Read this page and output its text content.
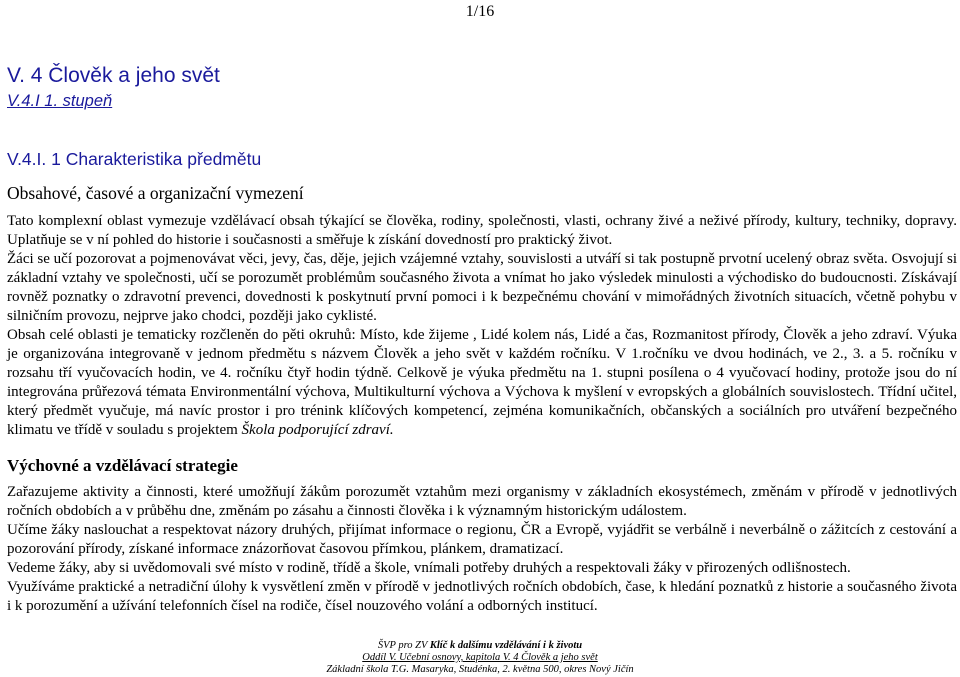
1/16
V. 4 Člověk a jeho svět
V.4.I 1. stupeň
V.4.I. 1 Charakteristika předmětu
Obsahové, časové a organizační vymezení

Tato komplexní oblast vymezuje vzdělávací obsah týkající se člověka, rodiny, společnosti, vlasti, ochrany živé a neživé přírody, kultury, techniky, dopravy. Uplatňuje se v ní pohled do historie i současnosti a směřuje k získání dovedností pro praktický život.

Žáci se učí pozorovat a pojmenovávat věci, jevy, čas, děje, jejich vzájemné vztahy, souvislosti a utváří si tak postupně prvotní ucelený obraz světa. Osvojují si základní vztahy ve společnosti, učí se porozumět problémům současného života a vnímat ho jako výsledek minulosti a východisko do budoucnosti. Získávají rovněž poznatky o zdravotní prevenci, dovednosti k poskytnutí první pomoci i k bezpečnému chování v mimořádných životních situacích, včetně pohybu v silničním provozu, nejprve jako chodci, později jako cyklisté.

Obsah celé oblasti je tematicky rozčleněn do pěti okruhů: Místo, kde žijeme , Lidé kolem nás, Lidé a čas, Rozmanitost přírody, Člověk a jeho zdraví. Výuka je organizována integrovaně v jednom předmětu s názvem Člověk a jeho svět v každém ročníku. V 1.ročníku ve dvou hodinách, ve 2., 3. a 5. ročníku v rozsahu tří vyučovacích hodin, ve 4. ročníku čtyř hodin týdně. Celkově je výuka předmětu na 1. stupni posílena o 4 vyučovací hodiny, protože jsou do ní integrována průřezová témata Environmentální výchova, Multikulturní výchova a Výchova k myšlení v evropských a globálních souvislostech. Třídní učitel, který předmět vyučuje, má navíc prostor i pro trénink klíčových kompetencí, zejména komunikačních, občanských a sociálních pro utváření bezpečného klimatu ve třídě v souladu s projektem Škola podporující zdraví.

Výchovné a vzdělávací strategie

Zařazujeme aktivity a činnosti, které umožňují žákům porozumět vztahům mezi organismy v základních ekosystémech, změnám v přírodě v jednotlivých ročních obdobích a v průběhu dne, změnám po zásahu a činnosti člověka i k významným historickým událostem.

Učíme žáky naslouchat a respektovat názory druhých, přijímat informace o regionu, ČR a Evropě, vyjádřit se verbálně i neverbálně o zážitcích z cestování a pozorování přírody, získané informace znázorňovat časovou přímkou, plánkem, dramatizací.

Vedeme žáky, aby si uvědomovali své místo v rodině, třídě a škole, vnímali potřeby druhých a respektovali žáky v přirozených odlišnostech.

Využíváme praktické a netradiční úlohy k vysvětlení změn v přírodě v jednotlivých ročních obdobích, čase, k hledání poznatků z historie a současného života i k porozumění a užívání telefonních čísel na rodiče, čísel nouzového volání a odborných institucí.

ŠVP pro ZV Klíč k dalšímu vzdělávání i k životu
Oddíl V. Učební osnovy, kapitola V. 4 Člověk a jeho svět
Základní škola T.G. Masaryka, Studénka, 2. května 500, okres Nový Jičín
